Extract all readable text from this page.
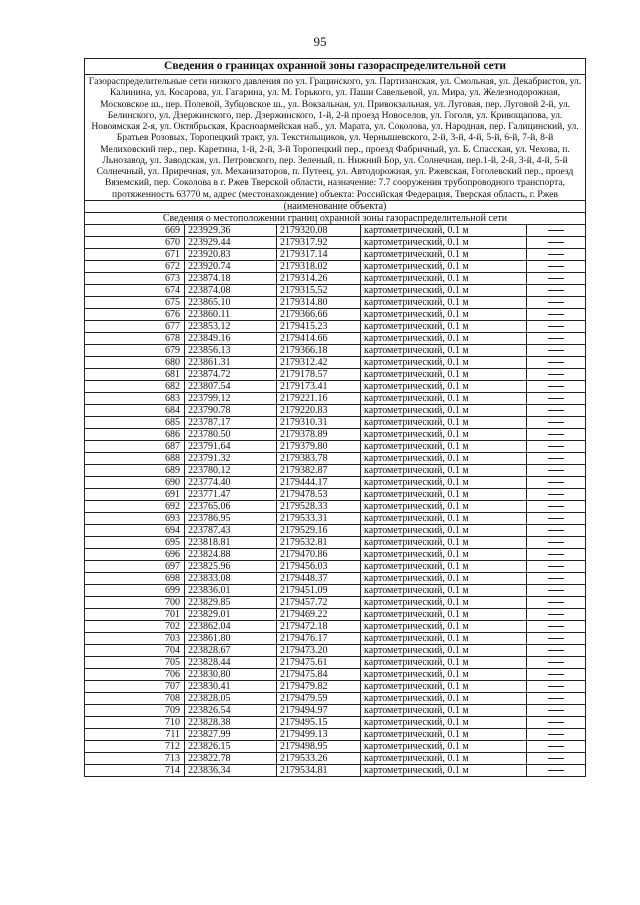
95
Сведения о границах охранной зоны газораспределительной сети				
Газораспределительные сети низкого давления по ул. Грацинского, ул. Партизанская, ул. Смольная, ул. Декабристов, ул. Калинина, ул. Косарова, ул. Гагарина, ул. М. Горького, ул. Паши Савельевой, ул. Мира, ул. Железнодорожная, Московское ш., пер. Полевой, Зубцовское ш., ул. Вокзальная, ул. Привокзальная, ул. Луговая, пер. Луговой 2-й, ул. Белинского, ул. Дзержинского, пер. Дзержинского, 1-й, 2-й проезд Новоселов, ул. Гоголя, ул. Кривощапова, ул. Новоямская 2-я, ул. Октябрьская, Красноармейская наб., ул. Марата, ул. Соколова, ул. Народная, пер. Галицинский, ул. Братьев Розовых, Торопецкий тракт, ул. Текстильщиков, ул. Чернышевского, 2-й, 3-й, 4-й, 5-й, 6-й, 7-й, 8-й Мелиховский пер., пер. Каретина, 1-й, 2-й, 3-й Торопецкий пер., проезд Фабричный, ул. Б. Спасская, ул. Чехова, п. Льнозавод, ул. Заводская, ул. Петровского, пер. Зеленый, п. Нижний Бор, ул. Солнечная, пер.1-й, 2-й, 3-й, 4-й, 5-й Солнечный, ул. Приречная, ул. Механизаторов, п. Путеец, ул. Автодорожная, ул. Ржевская, Гоголевский пер., проезд Вяземский, пер. Соколова в г. Ржев Тверской области, назначение: 7.7 сооружения трубопроводного транспорта, протяженность 63770 м, адрес (местонахождение) объекта: Российская Федерация, Тверская область, г. Ржев				
(наименование объекта)				
Сведения о местоположении границ охранной зоны газораспределительной сети				
669	223929.36	2179320.08	картометрический, 0.1 м	
670	223929.44	2179317.92	картометрический, 0.1 м	
671	223920.83	2179317.14	картометрический, 0.1 м	
672	223920.74	2179318.02	картометрический, 0.1 м	
673	223874.18	2179314.26	картометрический, 0.1 м	
674	223874.08	2179315.52	картометрический, 0.1 м	
675	223865.10	2179314.80	картометрический, 0.1 м	
676	223860.11	2179366.66	картометрический, 0.1 м	
677	223853.12	2179415.23	картометрический, 0.1 м	
678	223849.16	2179414.66	картометрический, 0.1 м	
679	223856.13	2179366.18	картометрический, 0.1 м	
680	223861.31	2179312.42	картометрический, 0.1 м	
681	223874.72	2179178.57	картометрический, 0.1 м	
682	223807.54	2179173.41	картометрический, 0.1 м	
683	223799.12	2179221.16	картометрический, 0.1 м	
684	223790.78	2179220.83	картометрический, 0.1 м	
685	223787.17	2179310.31	картометрический, 0.1 м	
686	223780.50	2179378.89	картометрический, 0.1 м	
687	223791.64	2179379.80	картометрический, 0.1 м	
688	223791.32	2179383.78	картометрический, 0.1 м	
689	223780.12	2179382.87	картометрический, 0.1 м	
690	223774.40	2179444.17	картометрический, 0.1 м	
691	223771.47	2179478.53	картометрический, 0.1 м	
692	223765.06	2179528.33	картометрический, 0.1 м	
693	223786.95	2179533.31	картометрический, 0.1 м	
694	223787.43	2179529.16	картометрический, 0.1 м	
695	223818.81	2179532.81	картометрический, 0.1 м	
696	223824.88	2179470.86	картометрический, 0.1 м	
697	223825.96	2179456.03	картометрический, 0.1 м	
698	223833.08	2179448.37	картометрический, 0.1 м	
699	223836.01	2179451.09	картометрический, 0.1 м	
700	223829.85	2179457.72	картометрический, 0.1 м	
701	223829.01	2179469.22	картометрический, 0.1 м	
702	223862.04	2179472.18	картометрический, 0.1 м	
703	223861.80	2179476.17	картометрический, 0.1 м	
704	223828.67	2179473.20	картометрический, 0.1 м	
705	223828.44	2179475.61	картометрический, 0.1 м	
706	223830.80	2179475.84	картометрический, 0.1 м	
707	223830.41	2179479.82	картометрический, 0.1 м	
708	223828.05	2179479.59	картометрический, 0.1 м	
709	223826.54	2179494.97	картометрический, 0.1 м	
710	223828.38	2179495.15	картометрический, 0.1 м	
711	223827.99	2179499.13	картометрический, 0.1 м	
712	223826.15	2179498.95	картометрический, 0.1 м	
713	223822.78	2179533.26	картометрический, 0.1 м	
714	223836.34	2179534.81	картометрический, 0.1 м	
